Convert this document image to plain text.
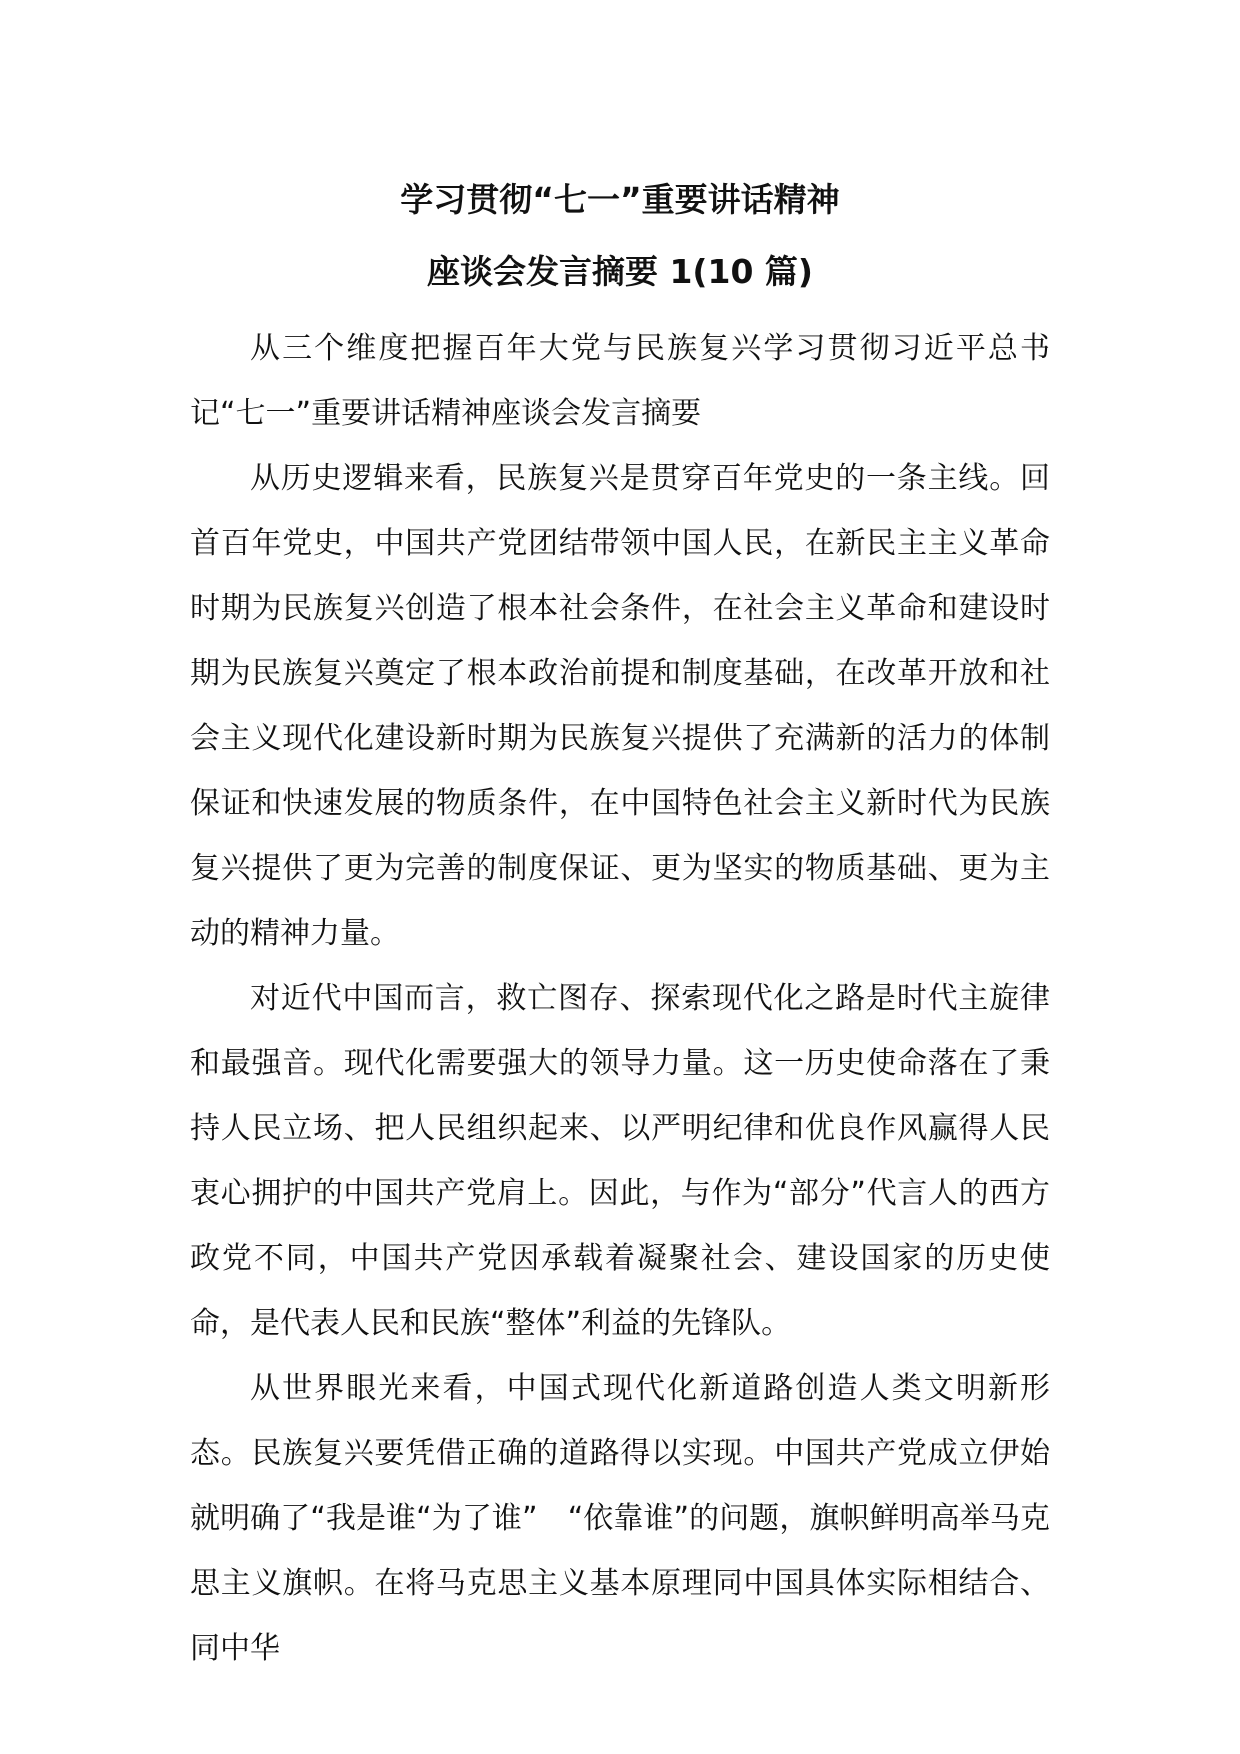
学习贯彻“七一”重要讲话精神
座谈会发言摘要 1(10 篇)

从三个维度把握百年大党与民族复兴学习贯彻习近平总书记“七一”重要讲话精神座谈会发言摘要

从历史逻辑来看，民族复兴是贯穿百年党史的一条主线。回首百年党史，中国共产党团结带领中国人民，在新民主主义革命时期为民族复兴创造了根本社会条件，在社会主义革命和建设时期为民族复兴奠定了根本政治前提和制度基础，在改革开放和社会主义现代化建设新时期为民族复兴提供了充满新的活力的体制保证和快速发展的物质条件，在中国特色社会主义新时代为民族复兴提供了更为完善的制度保证、更为坚实的物质基础、更为主动的精神力量。

对近代中国而言，救亡图存、探索现代化之路是时代主旋律和最强音。现代化需要强大的领导力量。这一历史使命落在了秉持人民立场、把人民组织起来、以严明纪律和优良作风赢得人民衷心拥护的中国共产党肩上。因此，与作为“部分”代言人的西方政党不同，中国共产党因承载着凝聚社会、建设国家的历史使命，是代表人民和民族“整体”利益的先锋队。

从世界眼光来看，中国式现代化新道路创造人类文明新形态。民族复兴要凭借正确的道路得以实现。中国共产党成立伊始就明确了“我是谁“为了谁”　“依靠谁”的问题，旗帜鲜明高举马克思主义旗帜。在将马克思主义基本原理同中国具体实际相结合、同中华
